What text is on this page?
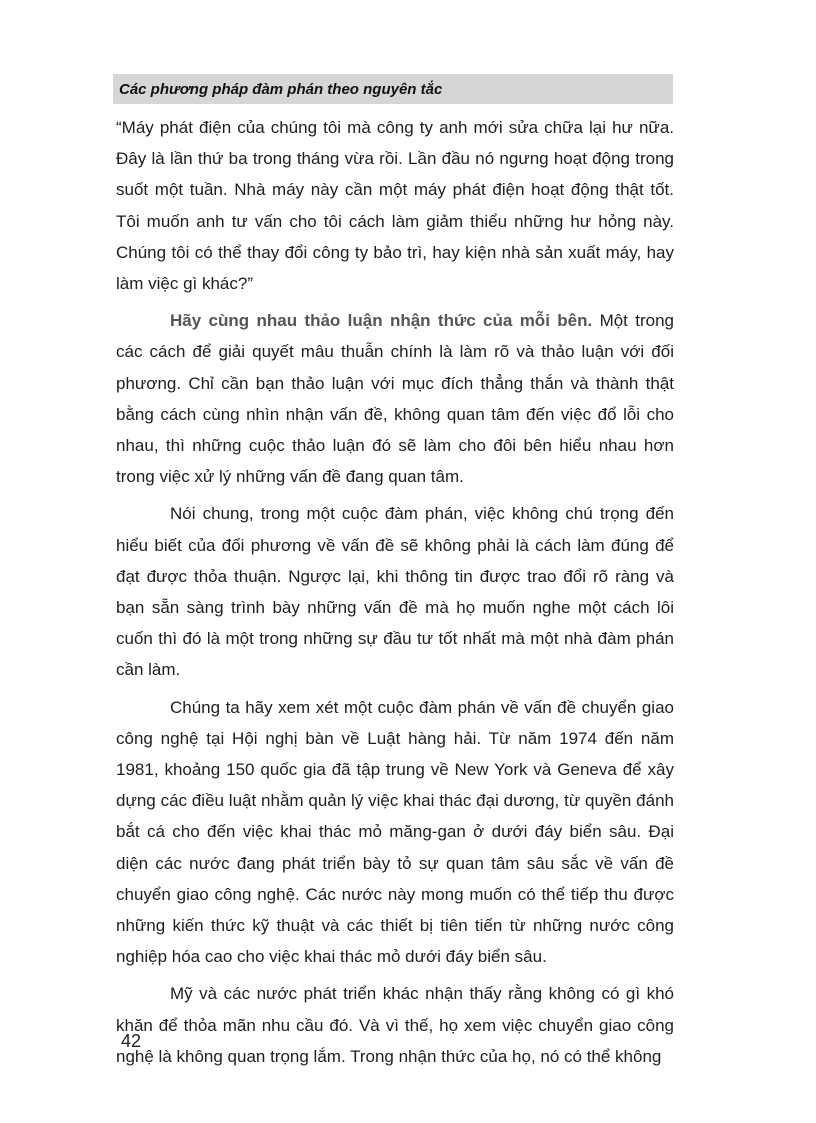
Các phương pháp đàm phán theo nguyên tắc

“Máy phát điện của chúng tôi mà công ty anh mới sửa chữa lại hư nữa. Đây là lần thứ ba trong tháng vừa rồi. Lần đầu nó ngưng hoạt động trong suốt một tuần. Nhà máy này cần một máy phát điện hoạt động thật tốt. Tôi muốn anh tư vấn cho tôi cách làm giảm thiểu những hư hỏng này. Chúng tôi có thể thay đổi công ty bảo trì, hay kiện nhà sản xuất máy, hay làm việc gì khác?”

Hãy cùng nhau thảo luận nhận thức của mỗi bên. Một trong các cách để giải quyết mâu thuẫn chính là làm rõ và thảo luận với đối phương. Chỉ cần bạn thảo luận với mục đích thẳng thắn và thành thật bằng cách cùng nhìn nhận vấn đề, không quan tâm đến việc đổ lỗi cho nhau, thì những cuộc thảo luận đó sẽ làm cho đôi bên hiểu nhau hơn trong việc xử lý những vấn đề đang quan tâm.

Nói chung, trong một cuộc đàm phán, việc không chú trọng đến hiểu biết của đối phương về vấn đề sẽ không phải là cách làm đúng để đạt được thỏa thuận. Ngược lại, khi thông tin được trao đổi rõ ràng và bạn sẵn sàng trình bày những vấn đề mà họ muốn nghe một cách lôi cuốn thì đó là một trong những sự đầu tư tốt nhất mà một nhà đàm phán cần làm.

Chúng ta hãy xem xét một cuộc đàm phán về vấn đề chuyển giao công nghệ tại Hội nghị bàn về Luật hàng hải. Từ năm 1974 đến năm 1981, khoảng 150 quốc gia đã tập trung về New York và Geneva để xây dựng các điều luật nhằm quản lý việc khai thác đại dương, từ quyền đánh bắt cá cho đến việc khai thác mỏ măng-gan ở dưới đáy biển sâu. Đại diện các nước đang phát triển bày tỏ sự quan tâm sâu sắc về vấn đề chuyển giao công nghệ. Các nước này mong muốn có thể tiếp thu được những kiến thức kỹ thuật và các thiết bị tiên tiến từ những nước công nghiệp hóa cao cho việc khai thác mỏ dưới đáy biển sâu.

Mỹ và các nước phát triển khác nhận thấy rằng không có gì khó khăn để thỏa mãn nhu cầu đó. Và vì thế, họ xem việc chuyển giao công nghệ là không quan trọng lắm. Trong nhận thức của họ, nó có thể không

42
